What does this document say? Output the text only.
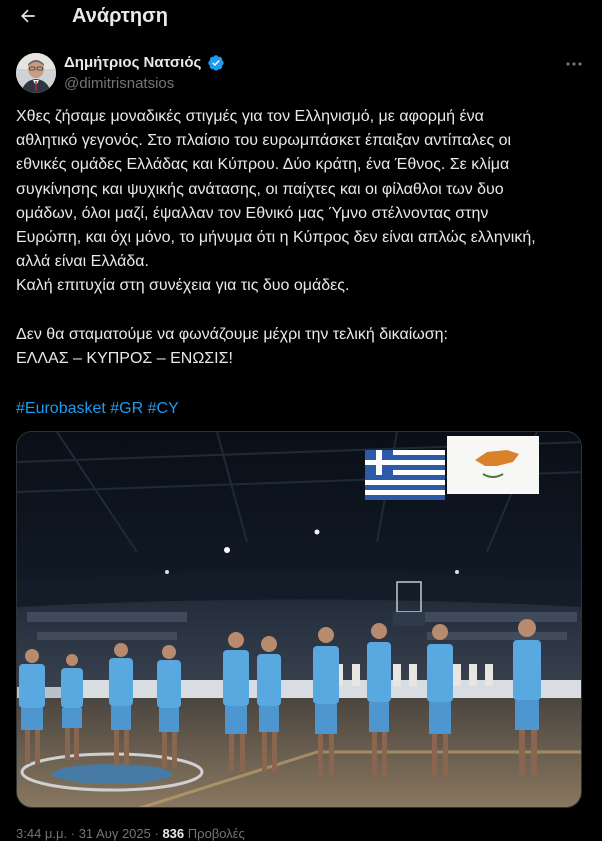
Ανάρτηση
Δημήτριος Νατσιός
@dimitrisnatsios

Χθες ζήσαμε μοναδικές στιγμές για τον Ελληνισμό, με αφορμή ένα

αθλητικό γεγονός. Στο πλαίσιο του ευρωμπάσκετ έπαιξαν αντίπαλες οι

εθνικές ομάδες Ελλάδας και Κύπρου. Δύο κράτη, ένα Έθνος. Σε κλίμα

συγκίνησης και ψυχικής ανάτασης, οι παίχτες και οι φίλαθλοι των δυο

ομάδων, όλοι μαζί, έψαλλαν τον Εθνικό μας Ύμνο στέλνοντας στην

Ευρώπη, και όχι μόνο, το μήνυμα ότι η Κύπρος δεν είναι απλώς ελληνική,

αλλά είναι Ελλάδα.

Καλή επιτυχία στη συνέχεια για τις δυο ομάδες.

Δεν θα σταματούμε να φωνάζουμε μέχρι την τελική δικαίωση:

ΕΛΛΑΣ – ΚΥΠΡΟΣ – ΕΝΩΣΙΣ!

#Eurobasket #GR #CY
3:44 μ.μ. · 31 Αυγ 2025 · 836 Προβολές
